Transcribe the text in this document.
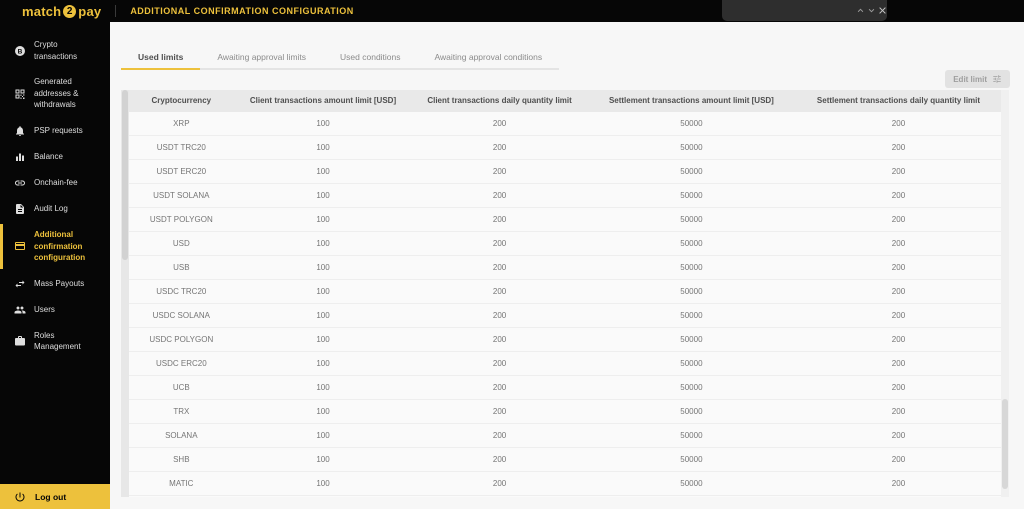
match 2 pay	ADDITIONAL CONFIRMATION CONFIGURATION
B
Crypto transactions
Generated addresses & withdrawals
PSP requests
Balance
Onchain-fee
Audit Log
Additional confirmation configuration
Mass Payouts
Users
Roles Management
Log out
Used limits	Awaiting approval limits	Used conditions	Awaiting approval conditions
Edit limit
Cryptocurrency	Client transactions amount limit [USD]	Client transactions daily quantity limit	Settlement transactions amount limit [USD]	Settlement transactions daily quantity limit
XRP	100	200	50000	200
USDT TRC20	100	200	50000	200
USDT ERC20	100	200	50000	200
USDT SOLANA	100	200	50000	200
USDT POLYGON	100	200	50000	200
USD	100	200	50000	200
USB	100	200	50000	200
USDC TRC20	100	200	50000	200
USDC SOLANA	100	200	50000	200
USDC POLYGON	100	200	50000	200
USDC ERC20	100	200	50000	200
UCB	100	200	50000	200
TRX	100	200	50000	200
SOLANA	100	200	50000	200
SHB	100	200	50000	200
MATIC	100	200	50000	200
